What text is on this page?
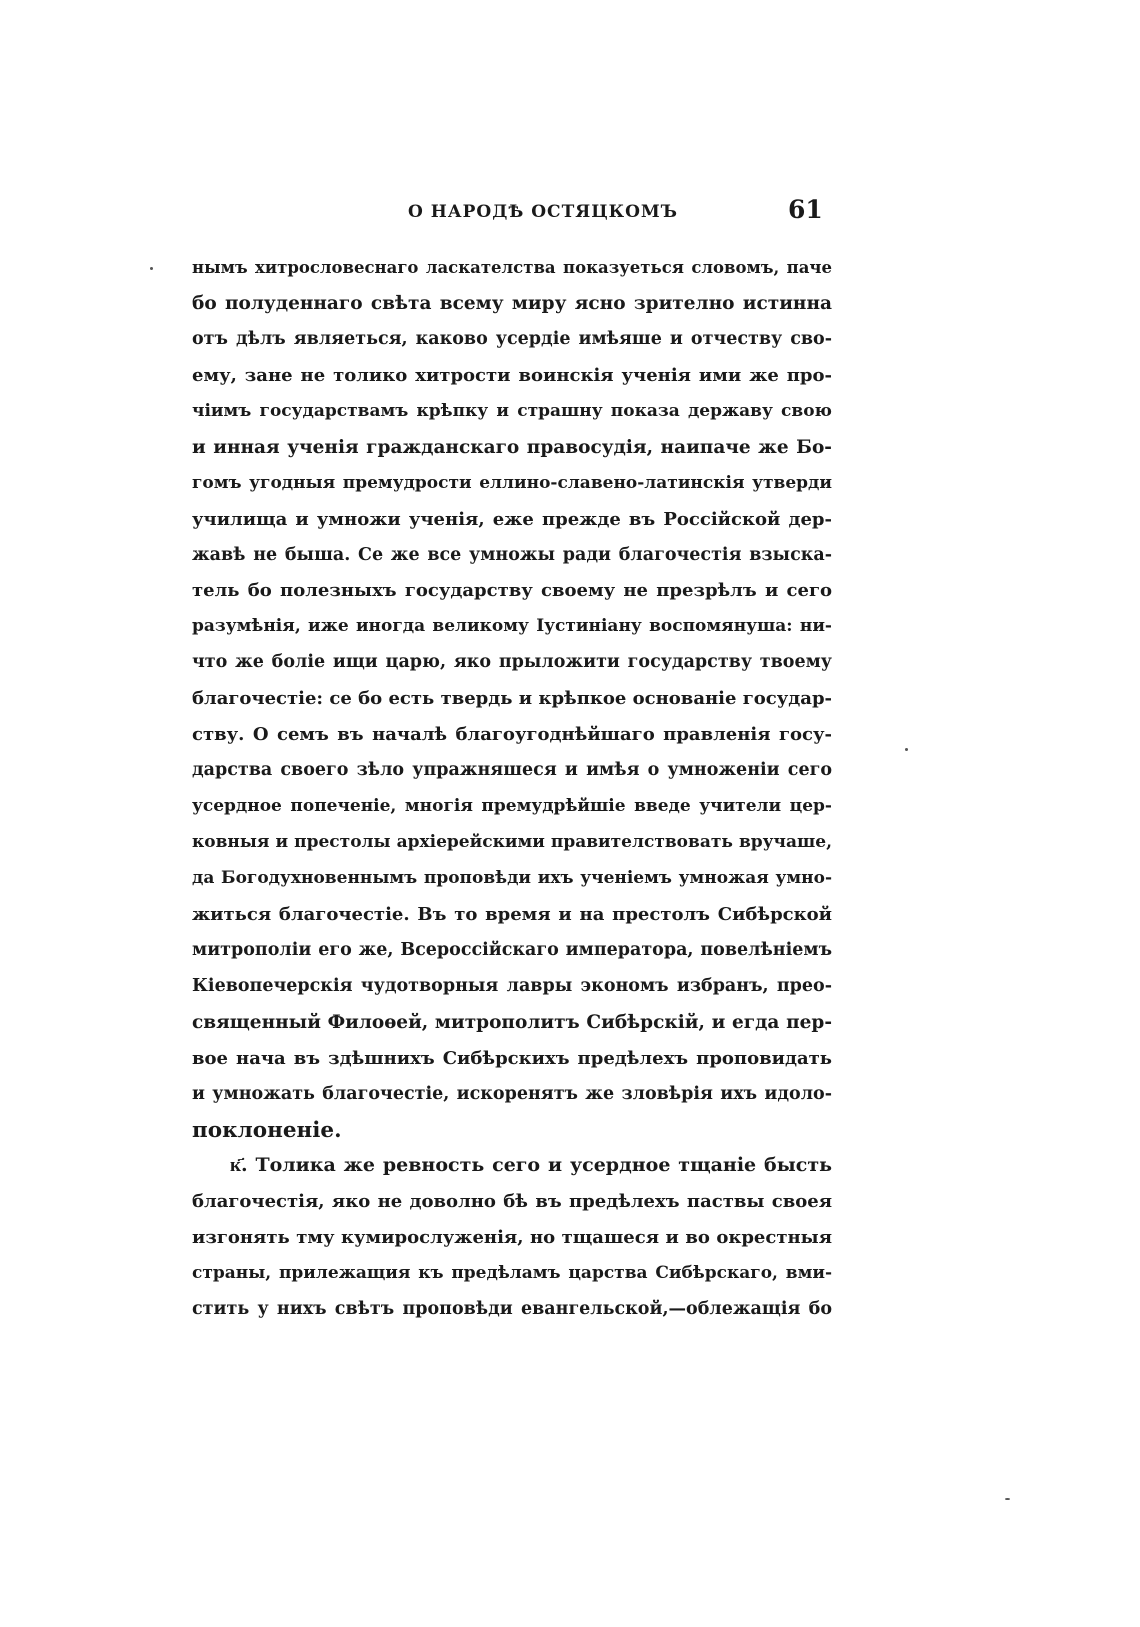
О НАРОДѢ ОСТЯЦКОМЪ	61
нымъ хитрословеснаго ласкателства показуеться словомъ, паче
бо полуденнаго свѣта всему миру ясно зрително истинна
отъ дѣлъ являеться, каково усердіе имѣяше и отчеству сво-
ему, зане не толико хитрости воинскія ученія ими же про-
чіимъ государствамъ крѣпку и страшну показа державу свою
и инная ученія гражданскаго правосудія, наипаче же Бо-
гомъ угодныя премудрости еллино-славено-латинскія утверди
училища и умножи ученія, еже прежде въ Россійской дер-
жавѣ не быша. Се же все умножы ради благочестія взыска-
тель бо полезныхъ государству своему не презрѣлъ и сего
разумѣнія, иже иногда великому Іустиніану воспомянуша: ни-
что же боліе ищи царю, яко прыложити государству твоему
благочестіе: се бо есть твердь и крѣпкое основаніе государ-
ству. О семъ въ началѣ благоугоднѣйшаго правленія госу-
дарства своего зѣло упражняшеся и имѣя о умноженіи сего
усердное попеченіе, многія премудрѣйшіе введе учители цер-
ковныя и престолы архіерейскими правителствовать вручаше,
да Богодухновеннымъ проповѣди ихъ ученіемъ умножая умно-
житься благочестіе. Въ то время и на престолъ Сибѣрской
митрополіи его же, Всероссійскаго императора, повелѣніемъ
Кіевопечерскія чудотворныя лавры экономъ избранъ, прео-
священный Филоѳей, митрополитъ Сибѣрскій, и егда пер-
вое нача въ здѣшнихъ Сибѣрскихъ предѣлехъ проповидать
и умножать благочестіе, искоренятъ же зловѣрія ихъ идоло-
поклоненіе.
к҃. Толика же ревность сего и усердное тщаніе бысть
благочестія, яко не доволно бѣ въ предѣлехъ паствы своея
изгонять тму кумирослуженія, но тщашеся и во окрестныя
страны, прилежащия къ предѣламъ царства Сибѣрскаго, вми-
стить у нихъ свѣтъ проповѣди евангельской,—облежащія бо
